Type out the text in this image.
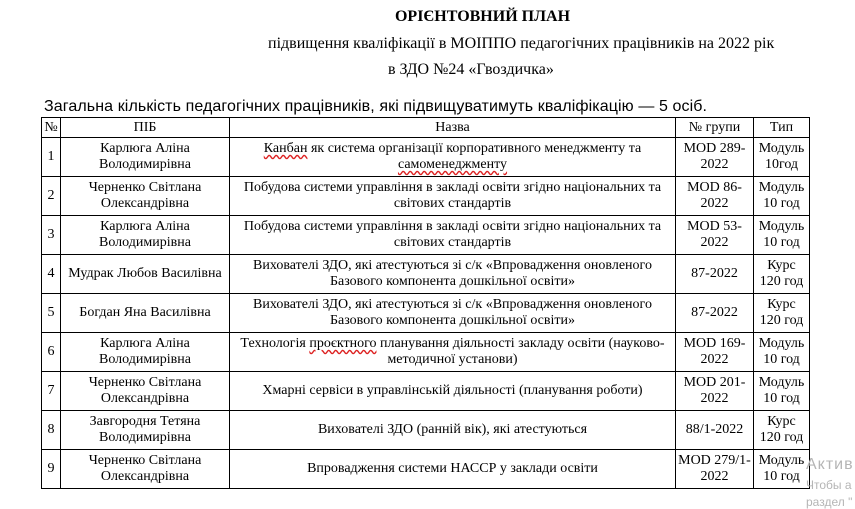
ОРІЄНТОВНИЙ ПЛАН
підвищення кваліфікації в МОІППО педагогічних працівників на 2022 рік
в ЗДО №24 «Гвоздичка»
Загальна кількість педагогічних працівників, які підвищуватимуть кваліфікацію — 5 осіб.
№	ПІБ	Назва	№ групи	Тип
1	Карлюга Аліна Володимирівна	Канбан як система організації корпоративного менеджменту та самоменеджменту	MOD 289-2022	Модуль 10год
2	Черненко Світлана Олександрівна	Побудова системи управління в закладі освіти згідно національних та світових стандартів	MOD 86-2022	Модуль 10 год
3	Карлюга Аліна Володимирівна	Побудова системи управління в закладі освіти згідно національних та світових стандартів	MOD 53-2022	Модуль 10 год
4	Мудрак Любов Василівна	Вихователі ЗДО, які атестуються зі с/к «Впровадження оновленого Базового компонента дошкільної освіти»	87-2022	Курс 120 год
5	Богдан Яна Василівна	Вихователі ЗДО, які атестуються зі с/к «Впровадження оновленого Базового компонента дошкільної освіти»	87-2022	Курс 120 год
6	Карлюга Аліна Володимирівна	Технологія проєктного планування діяльності закладу освіти (науково-методичної установи)	MOD 169-2022	Модуль 10 год
7	Черненко Світлана Олександрівна	Хмарні сервіси в управлінській діяльності (планування роботи)	MOD 201-2022	Модуль 10 год
8	Завгородня Тетяна Володимирівна	Вихователі ЗДО (ранній вік), які атестуються	88/1-2022	Курс 120 год
9	Черненко Світлана Олександрівна	Впровадження системи НАССР у заклади освіти	MOD 279/1-2022	Модуль 10 год
Актив
Чтобы а
раздел "
